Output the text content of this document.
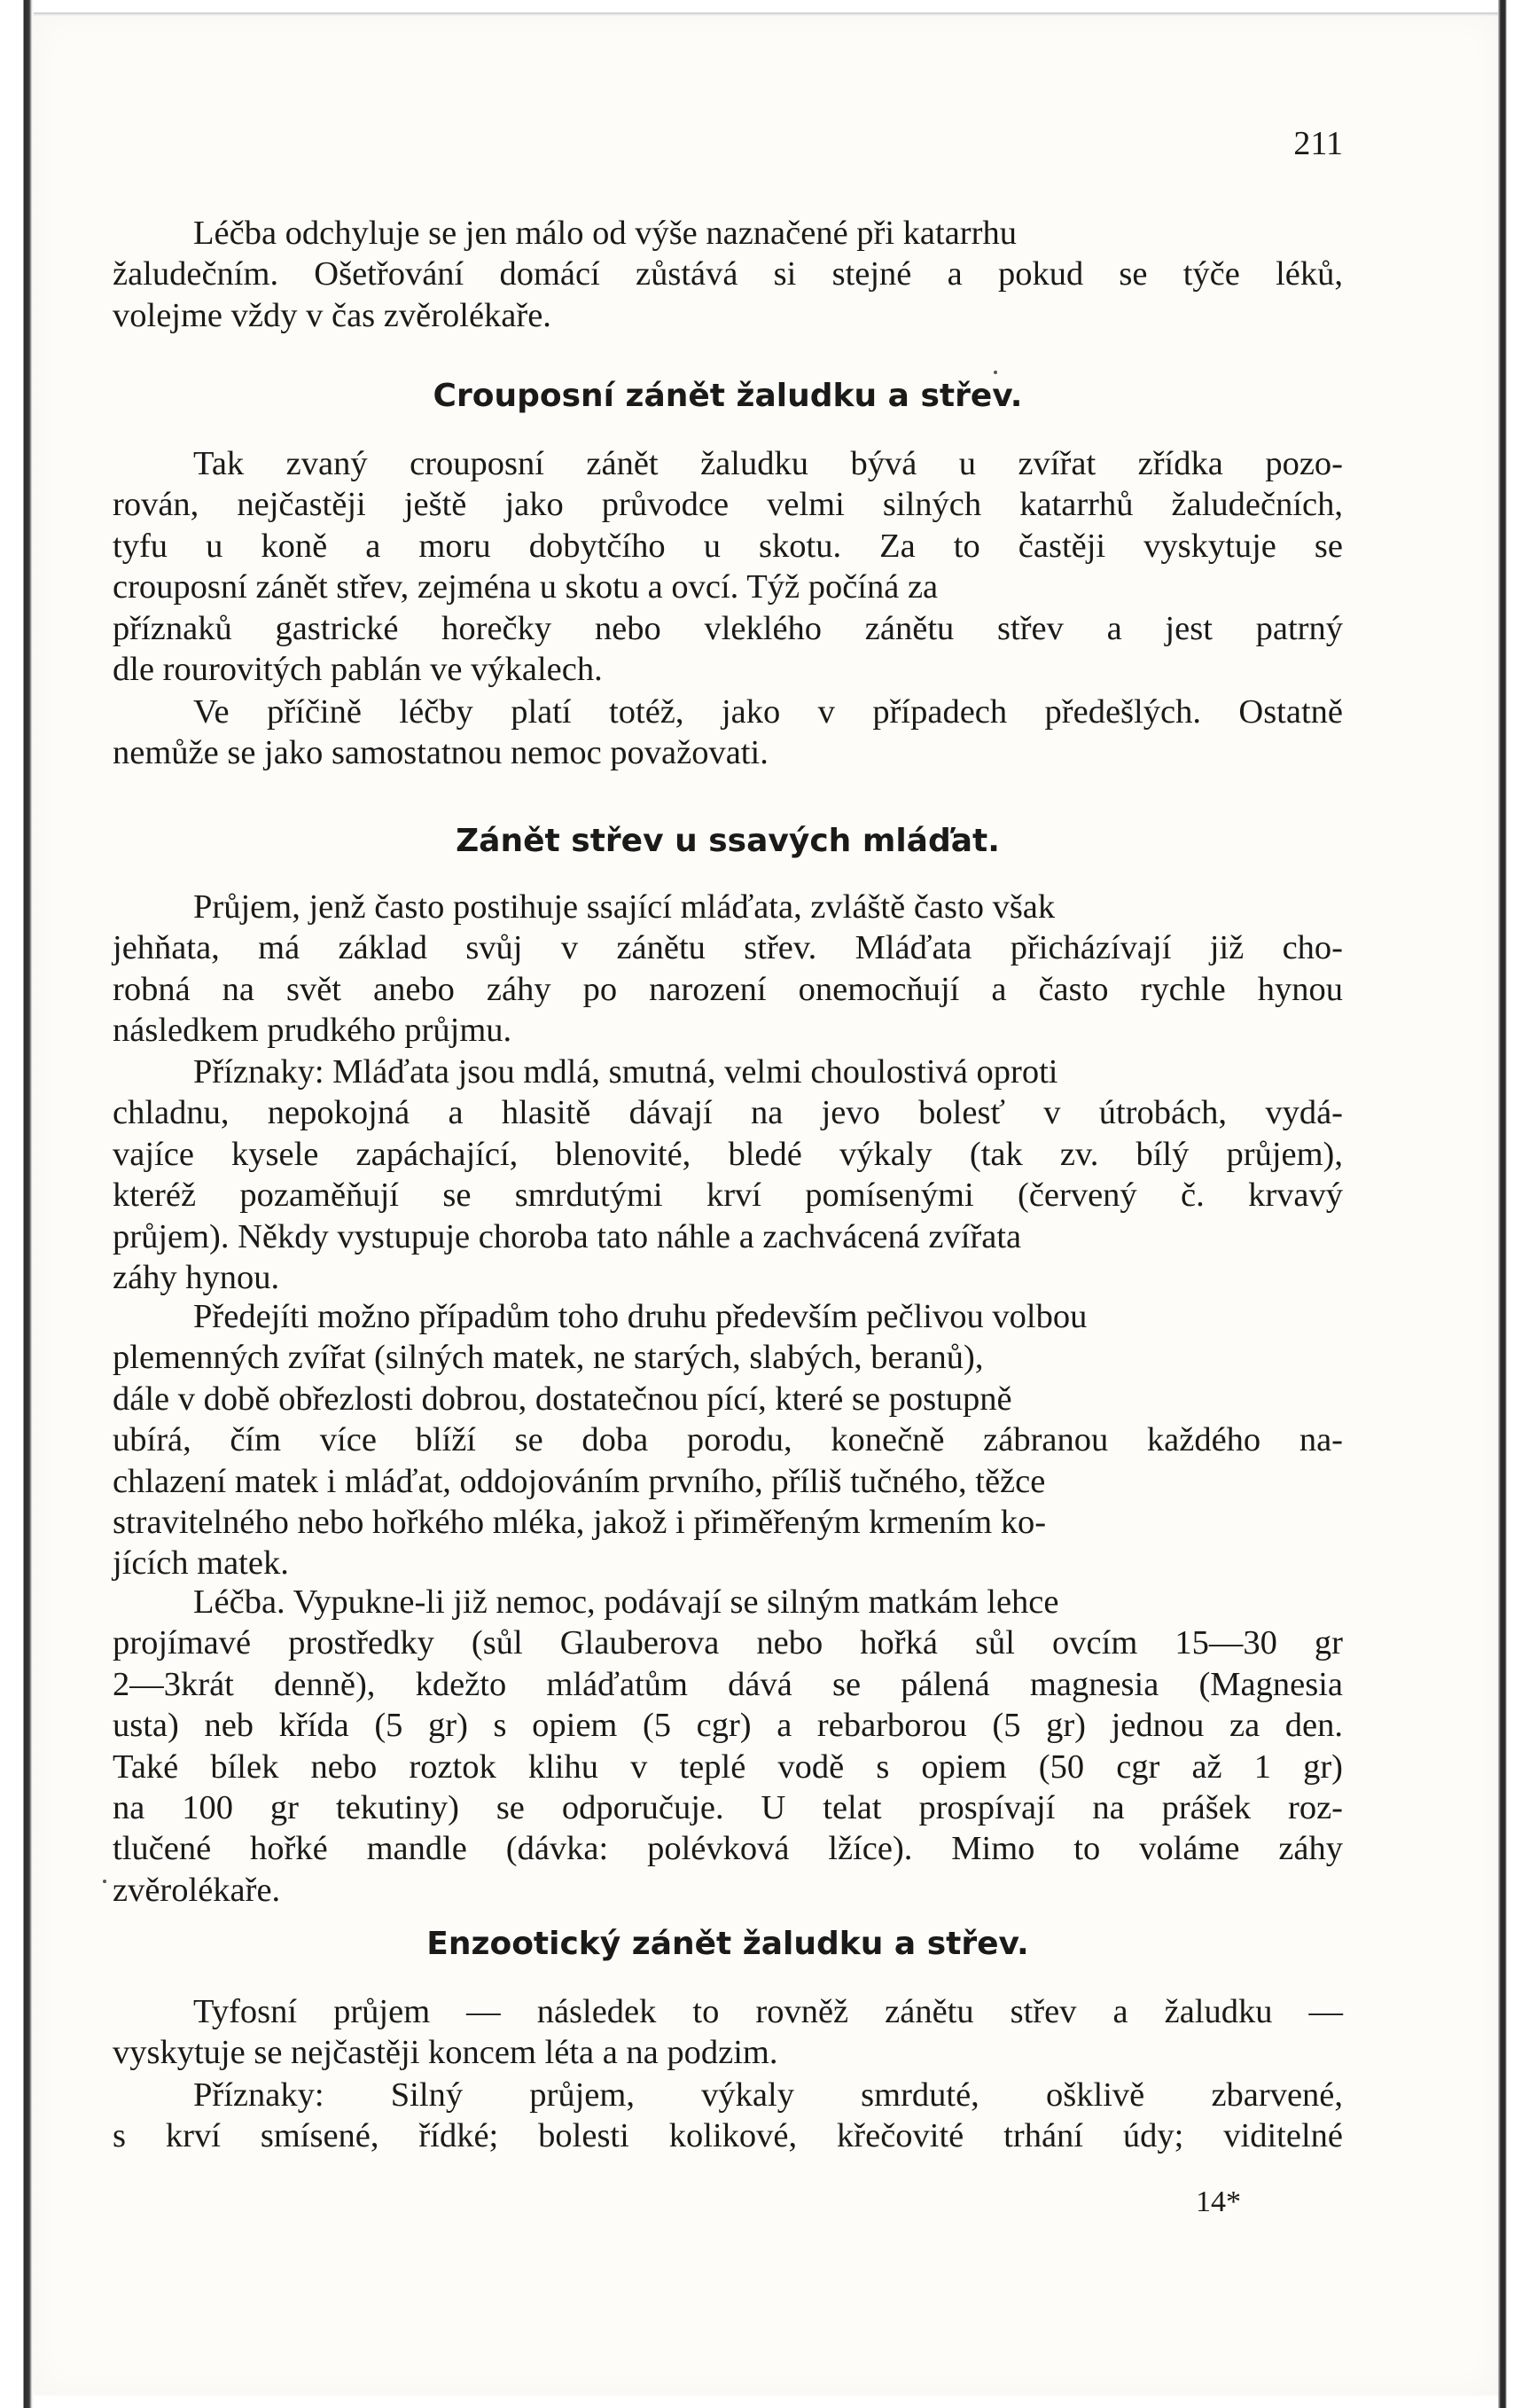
211
Léčba odchyluje se jen málo od výše naznačené při katarrhu
žaludečním. Ošetřování domácí zůstává si stejné a pokud se týče léků,
volejme vždy v čas zvěrolékaře.
Crouposní zánět žaludku a střev.
Tak zvaný crouposní zánět žaludku bývá u zvířat zřídka pozo-
rován, nejčastěji ještě jako průvodce velmi silných katarrhů žaludečních,
tyfu u koně a moru dobytčího u skotu. Za to častěji vyskytuje se
crouposní zánět střev, zejména u skotu a ovcí. Týž počíná za
příznaků gastrické horečky nebo vleklého zánětu střev a jest patrný
dle rourovitých pablán ve výkalech.
Ve příčině léčby platí totéž, jako v případech předešlých. Ostatně
nemůže se jako samostatnou nemoc považovati.
Zánět střev u ssavých mláďat.
Průjem, jenž často postihuje ssající mláďata, zvláště často však
jehňata, má základ svůj v zánětu střev. Mláďata přicházívají již cho-
robná na svět anebo záhy po narození onemocňují a často rychle hynou
následkem prudkého průjmu.
Příznaky: Mláďata jsou mdlá, smutná, velmi choulostivá oproti
chladnu, nepokojná a hlasitě dávají na jevo bolesť v útrobách, vydá-
vajíce kysele zapáchající, blenovité, bledé výkaly (tak zv. bílý průjem),
kteréž pozaměňují se smrdutými krví pomísenými (červený č. krvavý
průjem). Někdy vystupuje choroba tato náhle a zachvácená zvířata
záhy hynou.
Předejíti možno případům toho druhu především pečlivou volbou
plemenných zvířat (silných matek, ne starých, slabých, beranů),
dále v době obřezlosti dobrou, dostatečnou pící, které se postupně
ubírá, čím více blíží se doba porodu, konečně zábranou každého na-
chlazení matek i mláďat, oddojováním prvního, příliš tučného, těžce
stravitelného nebo hořkého mléka, jakož i přiměřeným krmením ko-
jících matek.
Léčba. Vypukne-li již nemoc, podávají se silným matkám lehce
projímavé prostředky (sůl Glauberova nebo hořká sůl ovcím 15—30 gr
2—3krát denně), kdežto mláďatům dává se pálená magnesia (Magnesia
usta) neb křída (5 gr) s opiem (5 cgr) a rebarborou (5 gr) jednou za den.
Také bílek nebo roztok klihu v teplé vodě s opiem (50 cgr až 1 gr)
na 100 gr tekutiny) se odporučuje. U telat prospívají na prášek roz-
tlučené hořké mandle (dávka: polévková lžíce). Mimo to voláme záhy
zvěrolékaře.
Enzootický zánět žaludku a střev.
Tyfosní průjem — následek to rovněž zánětu střev a žaludku —
vyskytuje se nejčastěji koncem léta a na podzim.
Příznaky: Silný průjem, výkaly smrduté, ošklivě zbarvené,
s krví smísené, řídké; bolesti kolikové, křečovité trhání údy; viditelné
14*
